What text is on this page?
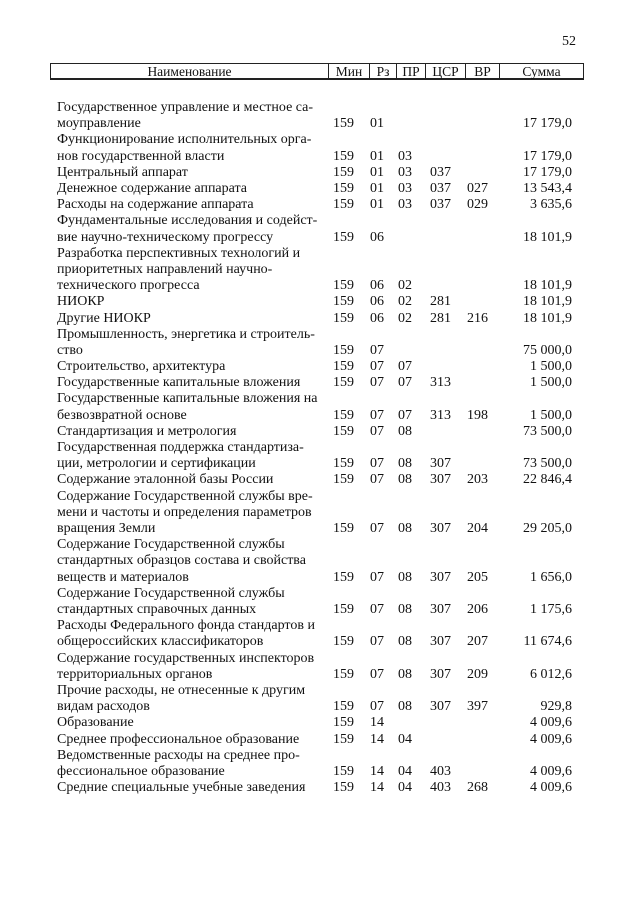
52
Наименование	Мин	Рз ПР ЦСР	ВР	Сумма
Государственное управление и местное са-
моуправление	159 01	17 179,0
Функционирование исполнительных орга-
нов государственной власти	159 01 03	17 179,0
Центральный аппарат	159 01 03 037	17 179,0
Денежное содержание аппарата	159 01 03 037 027	13 543,4
Расходы на содержание аппарата	159 01 03 037 029	3 635,6
Фундаментальные исследования и содейст-
вие научно-техническому прогрессу	159 06	18 101,9
Разработка перспективных технологий и
приоритетных направлений научно-
технического прогресса	159 06 02	18 101,9
НИОКР	159 06 02 281	18 101,9
Другие НИОКР	159 06 02 281 216	18 101,9
Промышленность, энергетика и строитель-
ство	159 07	75 000,0
Строительство, архитектура	159 07 07	1 500,0
Государственные капитальные вложения	159 07 07 313	1 500,0
Государственные капитальные вложения на
безвозвратной основе	159 07 07 313 198	1 500,0
Стандартизация и метрология	159 07 08	73 500,0
Государственная поддержка стандартиза-
ции, метрологии и сертификации	159 07 08 307	73 500,0
Содержание эталонной базы России	159 07 08 307 203	22 846,4
Содержание Государственной службы вре-
мени и частоты и определения параметров
вращения Земли	159 07 08 307 204	29 205,0
Содержание Государственной службы
стандартных образцов состава и свойства
веществ и материалов	159 07 08 307 205	1 656,0
Содержание Государственной службы
стандартных справочных данных	159 07 08 307 206	1 175,6
Расходы Федерального фонда стандартов и
общероссийских классификаторов	159 07 08 307 207	11 674,6
Содержание государственных инспекторов
территориальных органов	159 07 08 307 209	6 012,6
Прочие расходы, не отнесенные к другим
видам расходов	159 07 08 307 397	929,8
Образование	159 14	4 009,6
Среднее профессиональное образование	159 14 04	4 009,6
Ведомственные расходы на среднее про-
фессиональное образование	159 14 04 403	4 009,6
Средние специальные учебные заведения	159 14 04 403 268	4 009,6
